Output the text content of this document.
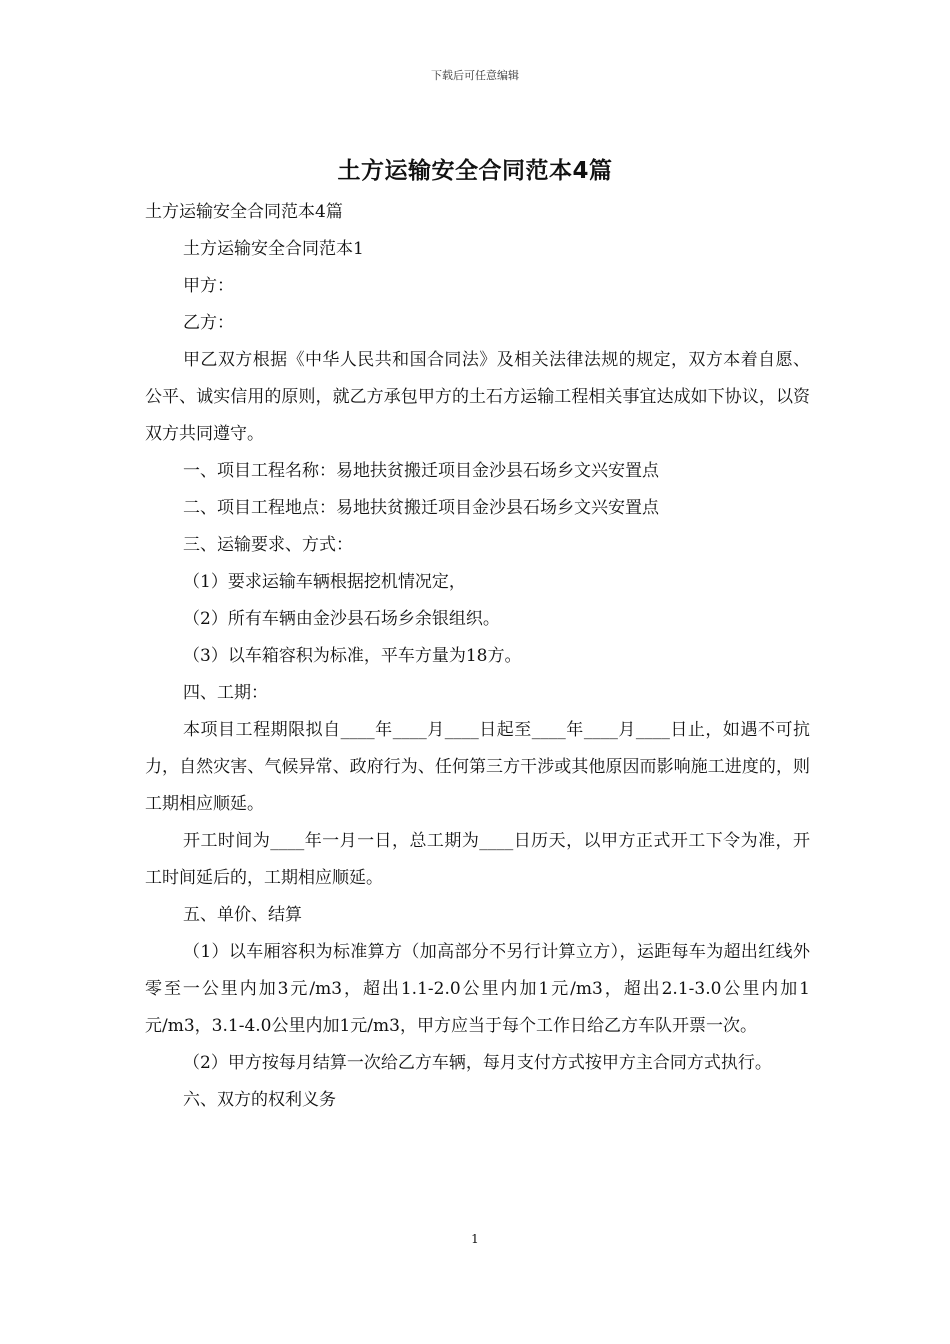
下载后可任意编辑
土方运输安全合同范本4篇

土方运输安全合同范本4篇

土方运输安全合同范本1

甲方：

乙方：

甲乙双方根据《中华人民共和国合同法》及相关法律法规的规定，双方本着自愿、公平、诚实信用的原则，就乙方承包甲方的土石方运输工程相关事宜达成如下协议，以资双方共同遵守。

一、项目工程名称：易地扶贫搬迁项目金沙县石场乡文兴安置点

二、项目工程地点：易地扶贫搬迁项目金沙县石场乡文兴安置点

三、运输要求、方式：

（1）要求运输车辆根据挖机情况定，

（2）所有车辆由金沙县石场乡余银组织。

（3）以车箱容积为标准，平车方量为18方。

四、工期：

本项目工程期限拟自____年____月____日起至____年____月____日止，如遇不可抗力，自然灾害、气候异常、政府行为、任何第三方干涉或其他原因而影响施工进度的，则工期相应顺延。

开工时间为____年一月一日，总工期为____日历天，以甲方正式开工下令为准，开工时间延后的，工期相应顺延。

五、单价、结算

（1）以车厢容积为标准算方（加高部分不另行计算立方），运距每车为超出红线外零至一公里内加3元/m3，超出1.1-2.0公里内加1元/m3，超出2.1-3.0公里内加1元/m3，3.1-4.0公里内加1元/m3，甲方应当于每个工作日给乙方车队开票一次。

（2）甲方按每月结算一次给乙方车辆，每月支付方式按甲方主合同方式执行。

六、双方的权利义务

1
